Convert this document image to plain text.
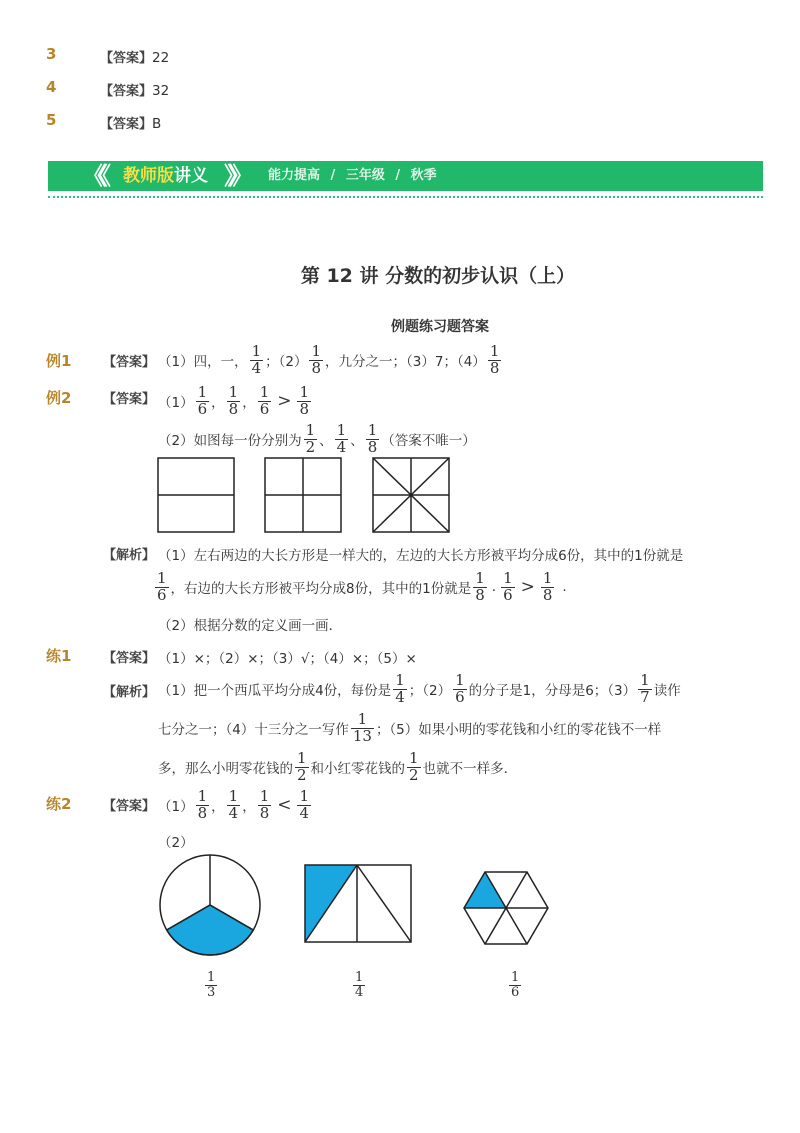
3	【答案】22
4	【答案】32
5	【答案】B
《《 教师版讲义 》》 能力提高 / 三年级 / 秋季
第 12 讲 分数的初步认识（上）
例题练习题答案
例1 【答案】 （1）四，一， $\frac{1}{4}$ ；$(2) \frac{1}{8}$ ，九分之一；（3）7；$(4) \frac{1}{8}$
例2 【答案】 $(1) \frac{1}{6}$ ， $\frac{1}{8}$ ， $\frac{1}{6} > \frac{1}{8}$
（2）如图每一份分别为 $\frac{1}{2}$ 、 $\frac{1}{4}$ 、 $\frac{1}{8}$ （答案不唯一）
【解析】 （1）左右两边的大长方形是一样大的，左边的大长方形被平均分成6份，其中的1份就是
$\frac{1}{6}$ ，右边的大长方形被平均分成8份，其中的1份就是 $\frac{1}{8}$ . $\frac{1}{6} > \frac{1}{8}$ .
（2）根据分数的定义画一画．
练1 【答案】 （1）×；（2）×；（3）√；（4）×；（5）×
【解析】 （1）把一个西瓜平均分成4份，每份是 $\frac{1}{4}$ ；$(2) \frac{1}{6}$ 的分子是1，分母是6；$(3) \frac{1}{7}$ 读作
七分之一；（4）十三分之一写作 $\frac{1}{13}$ ；（5）如果小明的零花钱和小红的零花钱不一样
多，那么小明零花钱的 $\frac{1}{2}$ 和小红零花钱的 $\frac{1}{2}$ 也就不一样多．
练2 【答案】 $(1) \frac{1}{8}$ ， $\frac{1}{4}$ ， $\frac{1}{8} < \frac{1}{4}$
（2）
$\frac{1}{3}$	$\frac{1}{4}$	$\frac{1}{6}$
